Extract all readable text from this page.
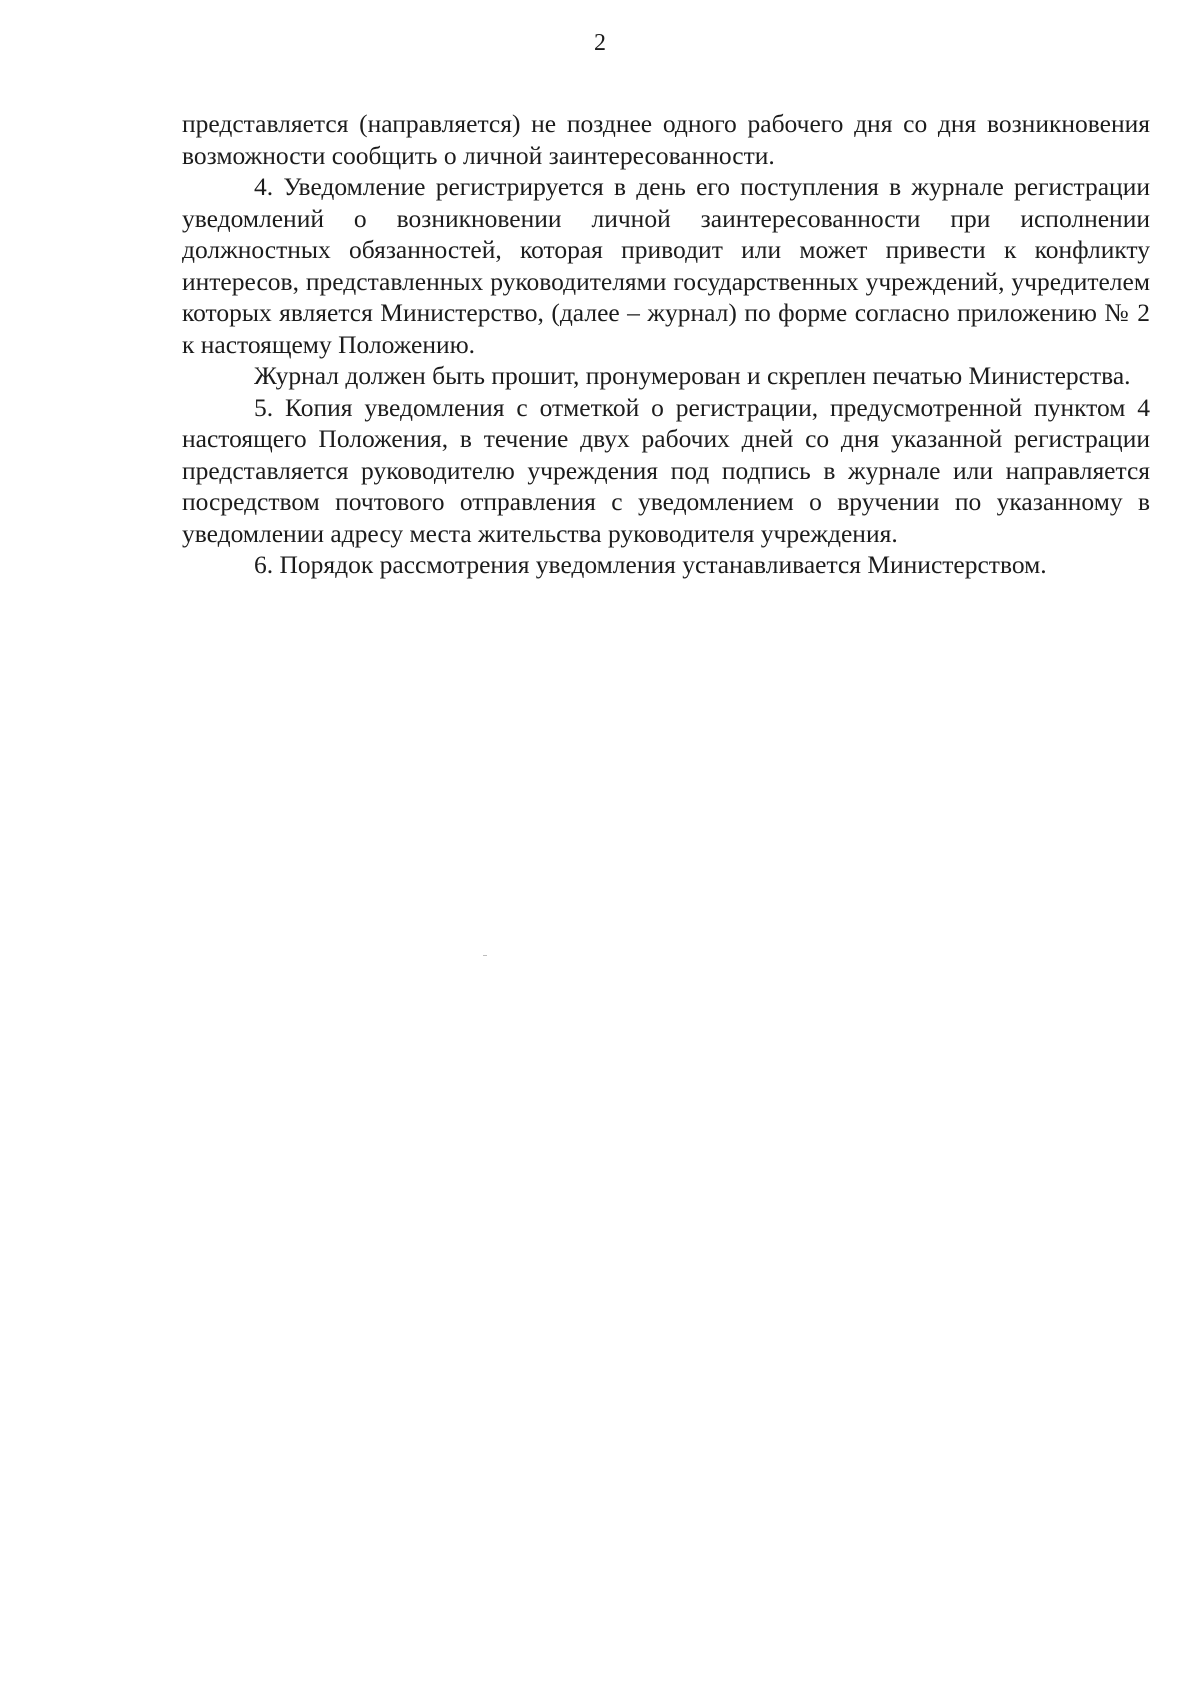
2

представляется (направляется) не позднее одного рабочего дня со дня возникновения возможности сообщить о личной заинтересованности.

4. Уведомление регистрируется в день его поступления в журнале регистрации уведомлений о возникновении личной заинтересованности при исполнении должностных обязанностей, которая приводит или может привести к конфликту интересов, представленных руководителями государственных учреждений, учредителем которых является Министерство, (далее – журнал) по форме согласно приложению № 2 к настоящему Положению.

Журнал должен быть прошит, пронумерован и скреплен печатью Министерства.

5. Копия уведомления с отметкой о регистрации, предусмотренной пунктом 4 настоящего Положения, в течение двух рабочих дней со дня указанной регистрации представляется руководителю учреждения под подпись в журнале или направляется посредством почтового отправления с уведомлением о вручении по указанному в уведомлении адресу места жительства руководителя учреждения.

6. Порядок рассмотрения уведомления устанавливается Министерством.
